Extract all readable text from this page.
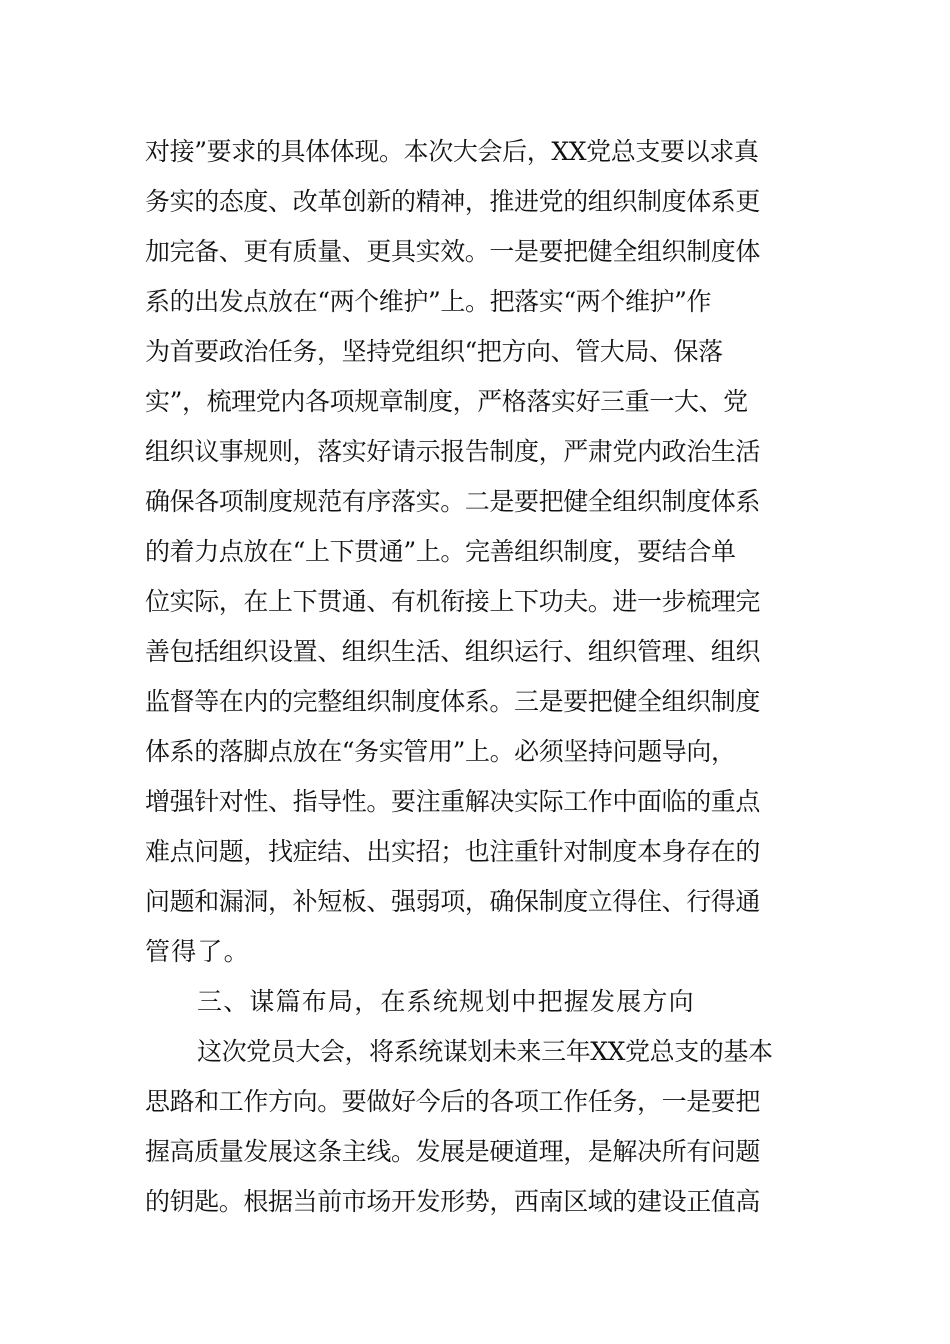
对接”要求的具体体现。本次大会后，XX党总支要以求真
务实的态度、改革创新的精神，推进党的组织制度体系更
加完备、更有质量、更具实效。一是要把健全组织制度体
系的出发点放在“两个维护”上。把落实“两个维护”作
为首要政治任务，坚持党组织“把方向、管大局、保落
实”，梳理党内各项规章制度，严格落实好三重一大、党
组织议事规则，落实好请示报告制度，严肃党内政治生活
确保各项制度规范有序落实。二是要把健全组织制度体系
的着力点放在“上下贯通”上。完善组织制度，要结合单
位实际，在上下贯通、有机衔接上下功夫。进一步梳理完
善包括组织设置、组织生活、组织运行、组织管理、组织
监督等在内的完整组织制度体系。三是要把健全组织制度
体系的落脚点放在“务实管用”上。必须坚持问题导向，
增强针对性、指导性。要注重解决实际工作中面临的重点
难点问题，找症结、出实招；也注重针对制度本身存在的
问题和漏洞，补短板、强弱项，确保制度立得住、行得通
管得了。
三、谋篇布局，在系统规划中把握发展方向
这次党员大会，将系统谋划未来三年XX党总支的基本
思路和工作方向。要做好今后的各项工作任务，一是要把
握高质量发展这条主线。发展是硬道理，是解决所有问题
的钥匙。根据当前市场开发形势，西南区域的建设正值高
